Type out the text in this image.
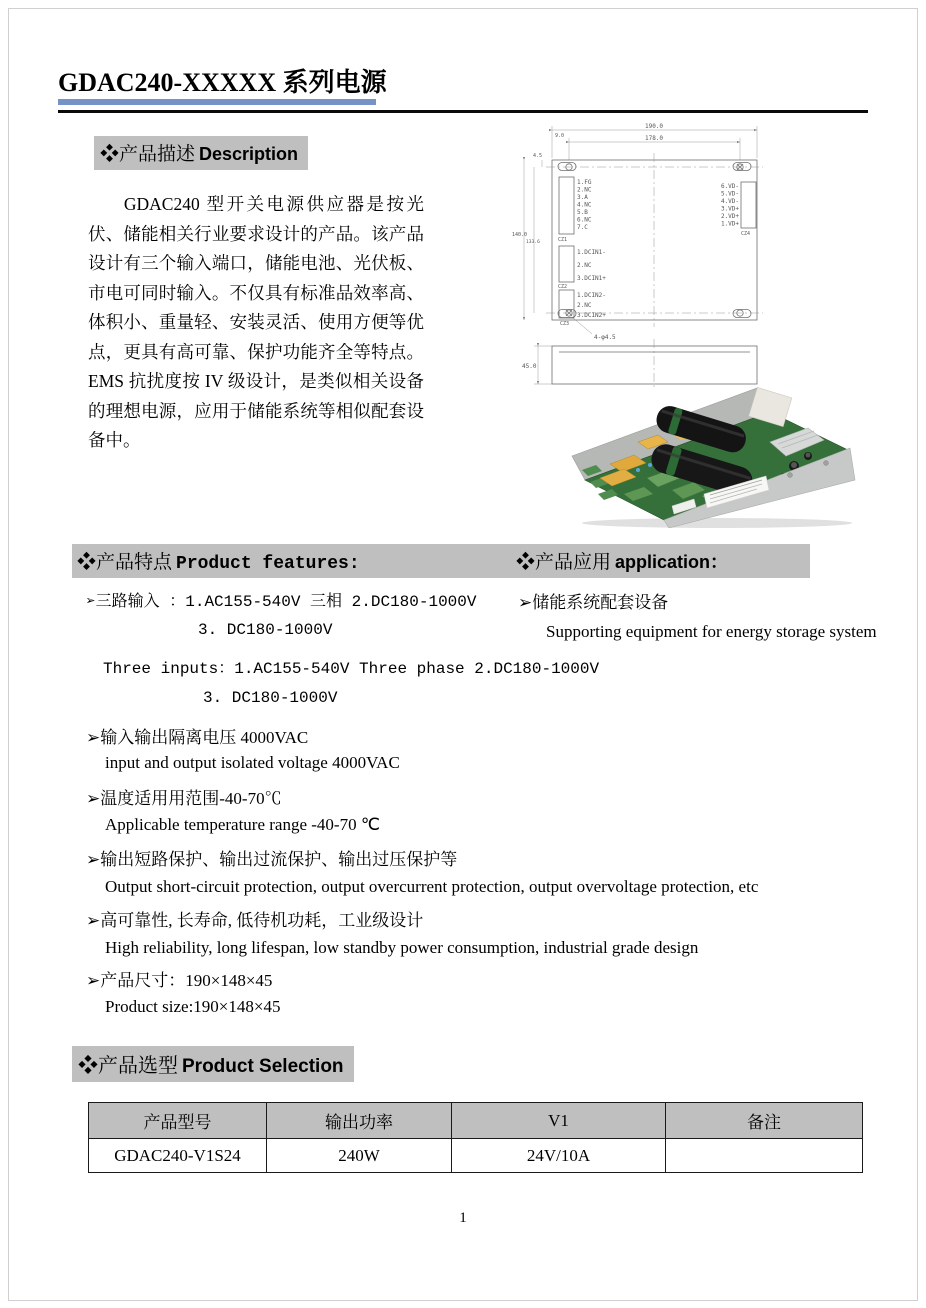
GDAC240-XXXXX 系列电源
❖产品描述 Description
GDAC240 型开关电源供应器是按光伏、储能相关行业要求设计的产品。该产品设计有三个输入端口，储能电池、光伏板、市电可同时输入。不仅具有标准品效率高、体积小、重量轻、安装灵活、使用方便等优点，更具有高可靠、保护功能齐全等特点。EMS 抗扰度按 IV 级设计，是类似相关设备的理想电源，应用于储能系统等相似配套设备中。
190.0
178.0
9.0
4.5
140.0
133.6
4-φ4.5
45.0
1.FG
2.NC
3.A
4.NC
5.B
6.NC
7.C
CZ1
1.DCIN1-
2.NC
3.DCIN1+
CZ2
1.DCIN2-
2.NC
3.DCIN2+
CZ3
6.VD-
5.VD-
4.VD-
3.VD+
2.VD+
1.VD+
CZ4
❖产品特点 Product features:	❖产品应用 application：
➢三路输入 ：1.AC155-540V 三相 2.DC180-1000V
3. DC180-1000V
Three inputs：1.AC155-540V Three phase 2.DC180-1000V
3. DC180-1000V
➢输入输出隔离电压 4000VAC
input and output isolated voltage 4000VAC
➢温度适用用范围-40-70℃
Applicable temperature range -40-70 ℃
➢输出短路保护、输出过流保护、输出过压保护等
Output short-circuit protection, output overcurrent protection, output overvoltage protection, etc
➢高可靠性, 长寿命, 低待机功耗，工业级设计
High reliability, long lifespan, low standby power consumption, industrial grade design
➢产品尺寸：190×148×45
Product size:190×148×45
➢储能系统配套设备
Supporting equipment for energy storage system
❖产品选型 Product Selection
产品型号	输出功率	V1	备注
GDAC240-V1S24	240W	24V/10A	
1
